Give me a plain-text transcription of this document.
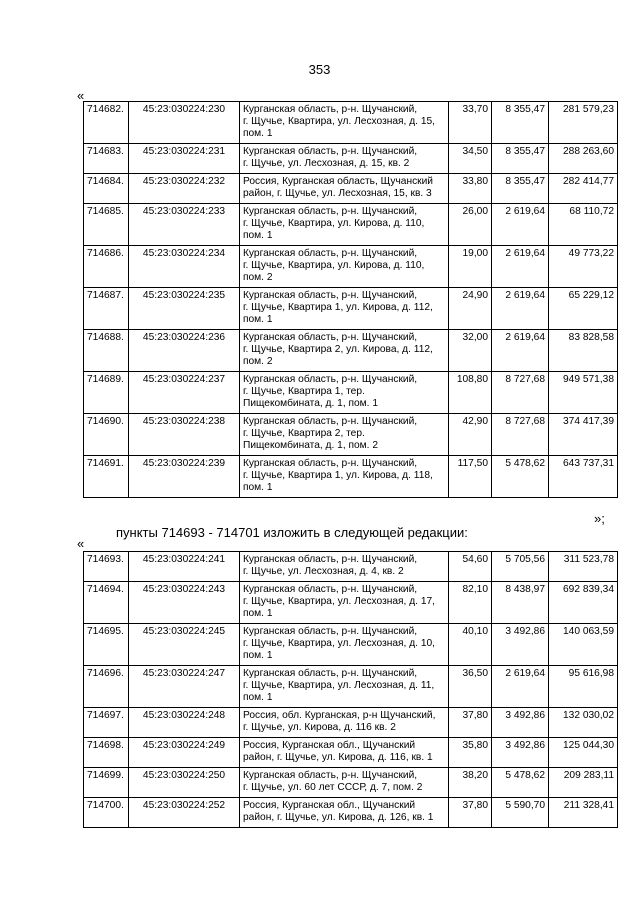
353
«
714682.	45:23:030224:230	Курганская область, р-н. Щучанский,
г. Щучье, Квартира, ул. Лесхозная, д. 15,
пом. 1	33,70	8 355,47	281 579,23
714683.	45:23:030224:231	Курганская область, р-н. Щучанский,
г. Щучье, ул. Лесхозная, д. 15, кв. 2	34,50	8 355,47	288 263,60
714684.	45:23:030224:232	Россия, Курганская область, Щучанский
район, г. Щучье, ул. Лесхозная, 15, кв. 3	33,80	8 355,47	282 414,77
714685.	45:23:030224:233	Курганская область, р-н. Щучанский,
г. Щучье, Квартира, ул. Кирова, д. 110,
пом. 1	26,00	2 619,64	68 110,72
714686.	45:23:030224:234	Курганская область, р-н. Щучанский,
г. Щучье, Квартира, ул. Кирова, д. 110,
пом. 2	19,00	2 619,64	49 773,22
714687.	45:23:030224:235	Курганская область, р-н. Щучанский,
г. Щучье, Квартира 1, ул. Кирова, д. 112,
пом. 1	24,90	2 619,64	65 229,12
714688.	45:23:030224:236	Курганская область, р-н. Щучанский,
г. Щучье, Квартира 2, ул. Кирова, д. 112,
пом. 2	32,00	2 619,64	83 828,58
714689.	45:23:030224:237	Курганская область, р-н. Щучанский,
г. Щучье, Квартира 1, тер.
Пищекомбината, д. 1, пом. 1	108,80	8 727,68	949 571,38
714690.	45:23:030224:238	Курганская область, р-н. Щучанский,
г. Щучье, Квартира 2, тер.
Пищекомбината, д. 1, пом. 2	42,90	8 727,68	374 417,39
714691.	45:23:030224:239	Курганская область, р-н. Щучанский,
г. Щучье, Квартира 1, ул. Кирова, д. 118,
пом. 1	117,50	5 478,62	643 737,31
»;
пункты 714693 - 714701 изложить в следующей редакции:
«
714693.	45:23:030224:241	Курганская область, р-н. Щучанский,
г. Щучье, ул. Лесхозная, д. 4, кв. 2	54,60	5 705,56	311 523,78
714694.	45:23:030224:243	Курганская область, р-н. Щучанский,
г. Щучье, Квартира, ул. Лесхозная, д. 17,
пом. 1	82,10	8 438,97	692 839,34
714695.	45:23:030224:245	Курганская область, р-н. Щучанский,
г. Щучье, Квартира, ул. Лесхозная, д. 10,
пом. 1	40,10	3 492,86	140 063,59
714696.	45:23:030224:247	Курганская область, р-н. Щучанский,
г. Щучье, Квартира, ул. Лесхозная, д. 11,
пом. 1	36,50	2 619,64	95 616,98
714697.	45:23:030224:248	Россия, обл. Курганская, р-н Щучанский,
г. Щучье, ул. Кирова, д. 116 кв. 2	37,80	3 492,86	132 030,02
714698.	45:23:030224:249	Россия, Курганская обл., Щучанский
район, г. Щучье, ул. Кирова, д. 116, кв. 1	35,80	3 492,86	125 044,30
714699.	45:23:030224:250	Курганская область, р-н. Щучанский,
г. Щучье, ул. 60 лет СССР, д. 7, пом. 2	38,20	5 478,62	209 283,11
714700.	45:23:030224:252	Россия, Курганская обл., Щучанский
район, г. Щучье, ул. Кирова, д. 126, кв. 1	37,80	5 590,70	211 328,41
